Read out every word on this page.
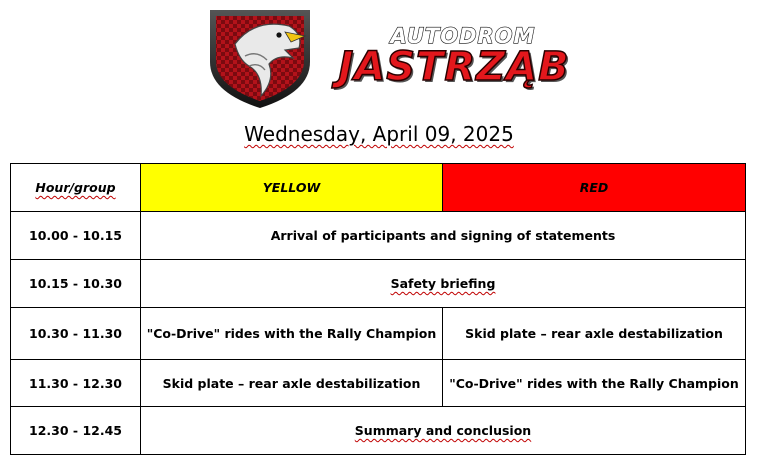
AUTODROM
JASTRZĄB
Wednesday, April 09, 2025
Hour/group	YELLOW	RED
10.00 - 10.15	Arrival of participants and signing of statements	
10.15 - 10.30	Safety briefing	
10.30 - 11.30	"Co-Drive" rides with the Rally Champion	Skid plate – rear axle destabilization
11.30 - 12.30	Skid plate – rear axle destabilization	"Co-Drive" rides with the Rally Champion
12.30 - 12.45	Summary and conclusion	
